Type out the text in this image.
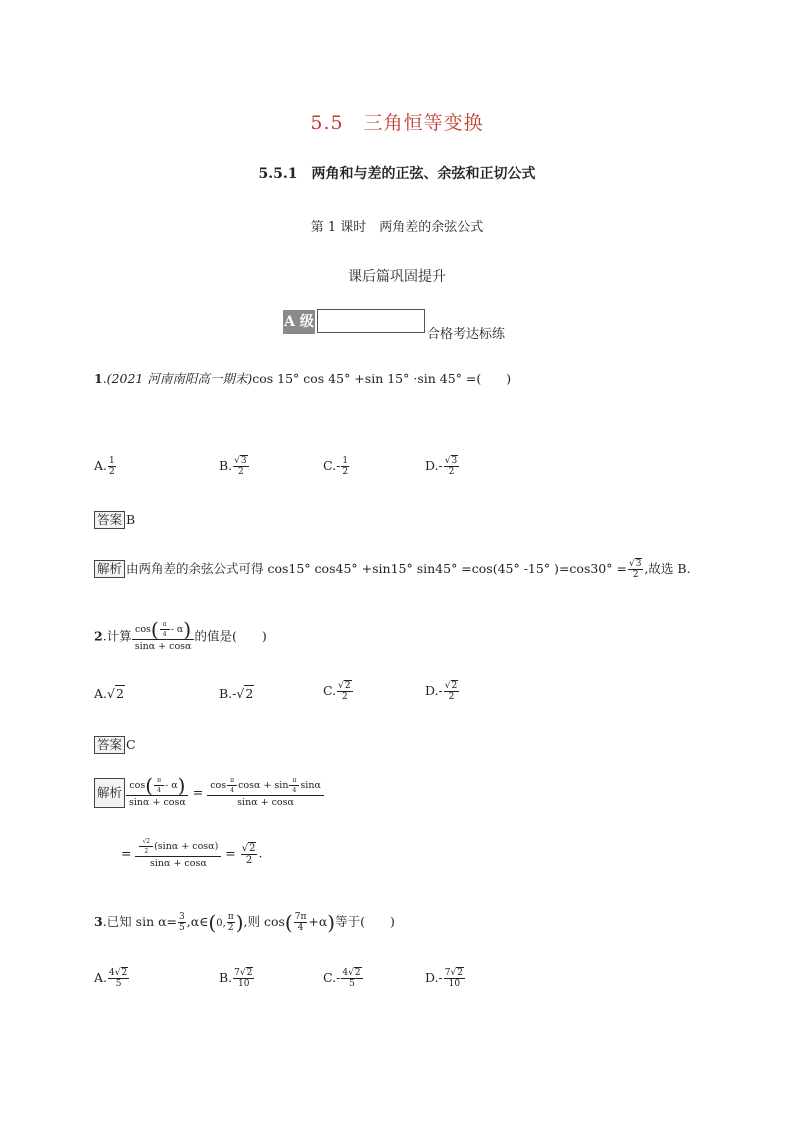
5.5　三角恒等变换
5.5.1　两角和与差的正弦、余弦和正切公式
第 1 课时　两角差的余弦公式
课后篇巩固提升
A 级
合格考达标练
1.(2021 河南南阳高一期末)cos 15° cos 45° +sin 15° ·sin 45° =(　　)
A. $\frac{1}{2}$	B. $\frac{√3}{2}$	$C.- \frac{1}{2}$	$D.- \frac{√3}{2}$
答案 B
解析 由两角差的余弦公式可得 cos15° cos45° +sin15° sin45° =cos(45° -15° )$=\cos 30^\circ = \frac{√3}{2}$ ,故选 B.
2.计算 $\frac{\cos( \frac{\pi}{4} - \alpha)}{\sin\alpha + \cos\alpha}$ 的值是(　　)
A.√2	B.-√2	C. $\frac{√2}{2}$	$D.- \frac{√2}{2}$
答案 C
解析 $\frac{\cos( \frac{\pi}{4} - \alpha)}{\sin\alpha + \cos\alpha} = \frac{\cos \frac{\pi}{4} \cos\alpha + \sin \frac{\pi}{4} \sin\alpha}{\sin\alpha + \cos\alpha}$
= $\frac{\frac{√2}{2} (\sin\alpha + \cos\alpha)}{\sin\alpha + \cos\alpha} = \frac{√2}{2}$ .
3.已知 $\sin \alpha= \frac{3}{5}$ ,α∈(0, $\frac{\pi}{2}$ ),则 $\cos( \frac{7\pi}{4} +\alpha)$等于(　　)
A. $\frac{4√2}{5}$	B. $\frac{7√2}{10}$	$C.- \frac{4√2}{5}$	$D.- \frac{7√2}{10}$
